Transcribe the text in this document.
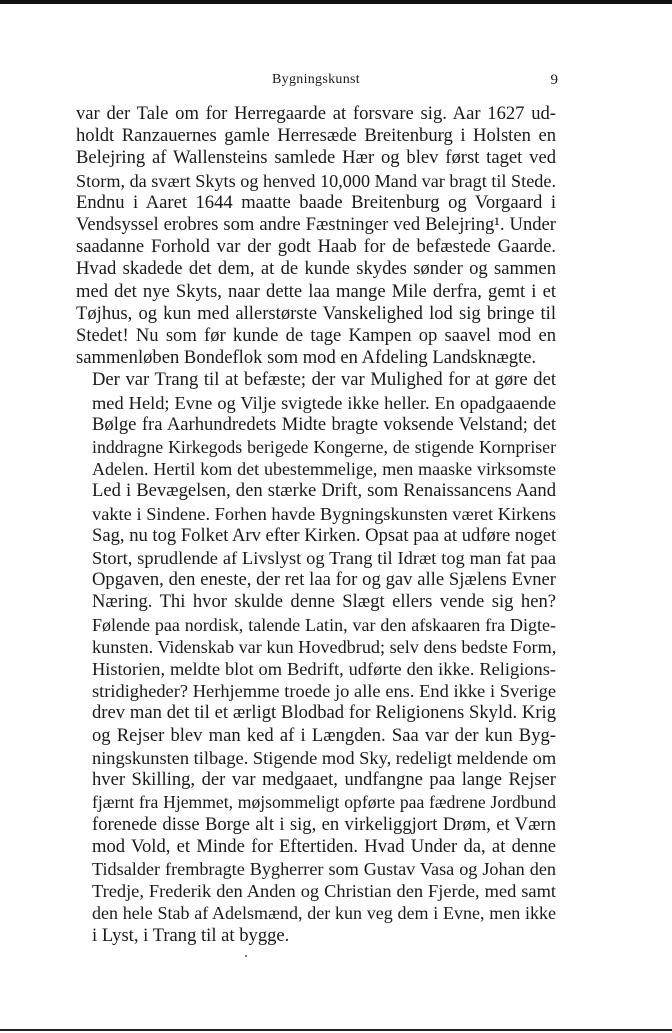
Bygningskunst	9

var der Tale om for Herregaarde at forsvare sig. Aar 1627 ud-
holdt Ranzauernes gamle Herresæde Breitenburg i Holsten en
Belejring af Wallensteins samlede Hær og blev først taget ved
Storm, da svært Skyts og henved 10,000 Mand var bragt til Stede.
Endnu i Aaret 1644 maatte baade Breitenburg og Vorgaard i
Vendsyssel erobres som andre Fæstninger ved Belejring¹. Under
saadanne Forhold var der godt Haab for de befæstede Gaarde.
Hvad skadede det dem, at de kunde skydes sønder og sammen
med det nye Skyts, naar dette laa mange Mile derfra, gemt i et
Tøjhus, og kun med allerstørste Vanskelighed lod sig bringe til
Stedet! Nu som før kunde de tage Kampen op saavel mod en
sammenløben Bondeflok som mod en Afdeling Landsknægte.

Der var Trang til at befæste; der var Mulighed for at gøre det
med Held; Evne og Vilje svigtede ikke heller. En opadgaaende
Bølge fra Aarhundredets Midte bragte voksende Velstand; det
inddragne Kirkegods berigede Kongerne, de stigende Kornpriser
Adelen. Hertil kom det ubestemmelige, men maaske virksomste
Led i Bevægelsen, den stærke Drift, som Renaissancens Aand
vakte i Sindene. Forhen havde Bygningskunsten været Kirkens
Sag, nu tog Folket Arv efter Kirken. Opsat paa at udføre noget
Stort, sprudlende af Livslyst og Trang til Idræt tog man fat paa
Opgaven, den eneste, der ret laa for og gav alle Sjælens Evner
Næring. Thi hvor skulde denne Slægt ellers vende sig hen?
Følende paa nordisk, talende Latin, var den afskaaren fra Digte-
kunsten. Videnskab var kun Hovedbrud; selv dens bedste Form,
Historien, meldte blot om Bedrift, udførte den ikke. Religions-
stridigheder? Herhjemme troede jo alle ens. End ikke i Sverige
drev man det til et ærligt Blodbad for Religionens Skyld. Krig
og Rejser blev man ked af i Længden. Saa var der kun Byg-
ningskunsten tilbage. Stigende mod Sky, redeligt meldende om
hver Skilling, der var medgaaet, undfangne paa lange Rejser
fjærnt fra Hjemmet, møjsommeligt opførte paa fædrene Jordbund
forenede disse Borge alt i sig, en virkeliggjort Drøm, et Værn
mod Vold, et Minde for Eftertiden. Hvad Under da, at denne
Tidsalder frembragte Bygherrer som Gustav Vasa og Johan den
Tredje, Frederik den Anden og Christian den Fjerde, med samt
den hele Stab af Adelsmænd, der kun veg dem i Evne, men ikke
i Lyst, i Trang til at bygge.
